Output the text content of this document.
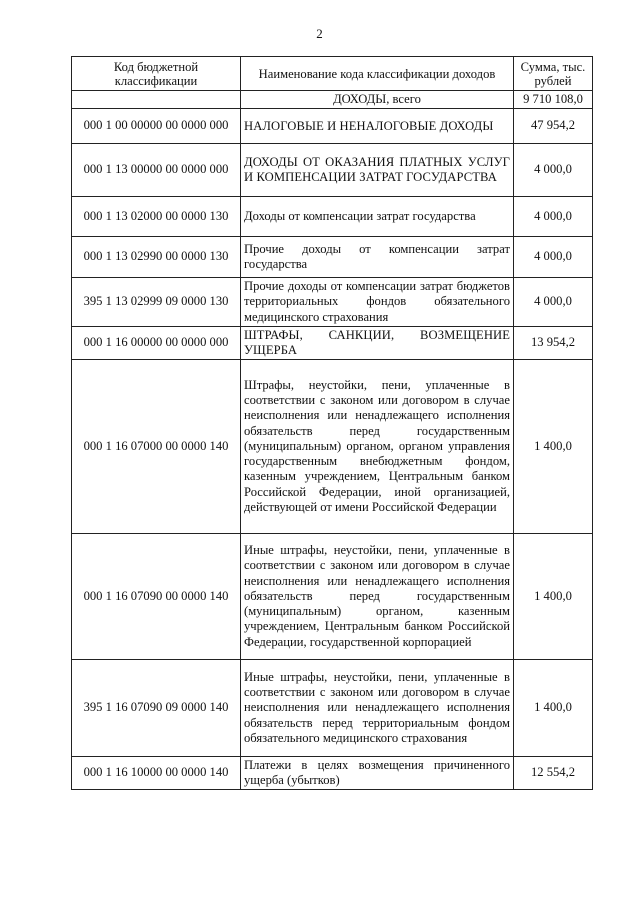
2
Код бюджетной классификации	Наименование кода классификации доходов	Сумма, тыс. рублей
	ДОХОДЫ, всего	9 710 108,0
000 1 00 00000 00 0000 000	НАЛОГОВЫЕ И НЕНАЛОГОВЫЕ ДОХОДЫ	47 954,2
000 1 13 00000 00 0000 000	ДОХОДЫ ОТ ОКАЗАНИЯ ПЛАТНЫХ УСЛУГ И КОМПЕНСАЦИИ ЗАТРАТ ГОСУДАРСТВА	4 000,0
000 1 13 02000 00 0000 130	Доходы от компенсации затрат государства	4 000,0
000 1 13 02990 00 0000 130	Прочие доходы от компенсации затрат государства	4 000,0
395 1 13 02999 09 0000 130	Прочие доходы от компенсации затрат бюджетов территориальных фондов обязательного медицинского страхования	4 000,0
000 1 16 00000 00 0000 000	ШТРАФЫ, САНКЦИИ, ВОЗМЕЩЕНИЕ УЩЕРБА	13 954,2
000 1 16 07000 00 0000 140	Штрафы, неустойки, пени, уплаченные в соответствии с законом или договором в случае неисполнения или ненадлежащего исполнения обязательств перед государственным (муниципальным) органом, органом управления государственным внебюджетным фондом, казенным учреждением, Центральным банком Российской Федерации, иной организацией, действующей от имени Российской Федерации	1 400,0
000 1 16 07090 00 0000 140	Иные штрафы, неустойки, пени, уплаченные в соответствии с законом или договором в случае неисполнения или ненадлежащего исполнения обязательств перед государственным (муниципальным) органом, казенным учреждением, Центральным банком Российской Федерации, государственной корпорацией	1 400,0
395 1 16 07090 09 0000 140	Иные штрафы, неустойки, пени, уплаченные в соответствии с законом или договором в случае неисполнения или ненадлежащего исполнения обязательств перед территориальным фондом обязательного медицинского страхования	1 400,0
000 1 16 10000 00 0000 140	Платежи в целях возмещения причиненного ущерба (убытков)	12 554,2
